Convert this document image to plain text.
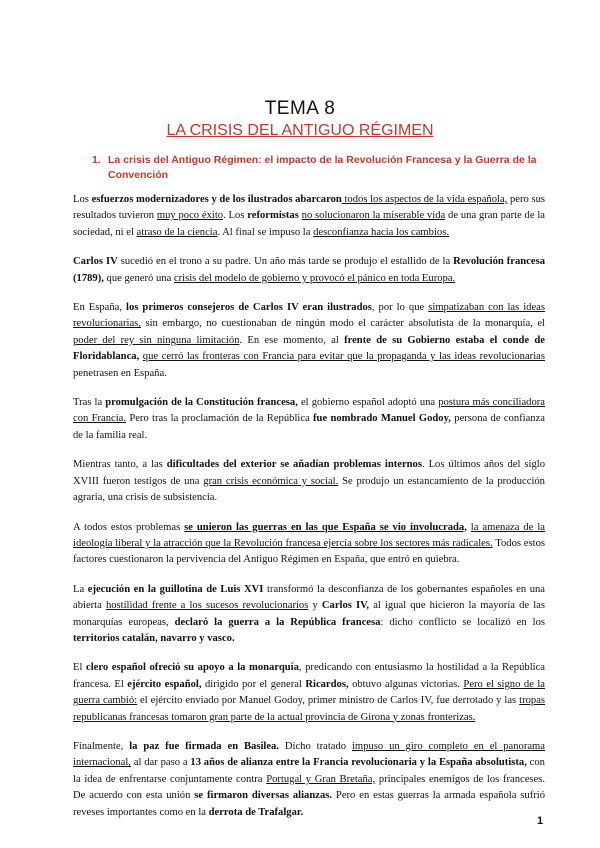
TEMA 8
LA CRISIS DEL ANTIGUO RÉGIMEN
1. La crisis del Antiguo Régimen: el impacto de la Revolución Francesa y la Guerra de la Convención

Los esfuerzos modernizadores y de los ilustrados abarcaron todos los aspectos de la vida española, pero sus resultados tuvieron muy poco éxito. Los reformistas no solucionaron la miserable vida de una gran parte de la sociedad, ni el atraso de la ciencia. Al final se impuso la desconfianza hacia los cambios.

Carlos IV sucedió en el trono a su padre. Un año más tarde se produjo el estallido de la Revolución francesa (1789), que generó una crisis del modelo de gobierno y provocó el pánico en toda Europa.

En España, los primeros consejeros de Carlos IV eran ilustrados, por lo que simpatizaban con las ideas revolucionarias, sin embargo, no cuestionaban de ningún modo el carácter absolutista de la monarquía, el poder del rey sin ninguna limitación. En ese momento, al frente de su Gobierno estaba el conde de Floridablanca, que cerró las fronteras con Francia para evitar que la propaganda y las ideas revolucionarias penetrasen en España.

Tras la promulgación de la Constitución francesa, el gobierno español adoptó una postura más conciliadora con Francia. Pero tras la proclamación de la República fue nombrado Manuel Godoy, persona de confianza de la familia real.

Mientras tanto, a las dificultades del exterior se añadían problemas internos. Los últimos años del siglo XVIII fueron testigos de una gran crisis económica y social. Se produjo un estancamiento de la producción agraria, una crisis de subsistencia.

A todos estos problemas se unieron las guerras en las que España se vio involucrada, la amenaza de la ideología liberal y la atracción que la Revolución francesa ejercía sobre los sectores más radicales. Todos estos factores cuestionaron la pervivencia del Antiguo Régimen en España, que entró en quiebra.

La ejecución en la guillotina de Luis XVI transformó la desconfianza de los gobernantes españoles en una abierta hostilidad frente a los sucesos revolucionarios y Carlos IV, al igual que hicieron la mayoría de las monarquías europeas, declaró la guerra a la República francesa: dicho conflicto se localizó en los territorios catalán, navarro y vasco.

El clero español ofreció su apoyo a la monarquía, predicando con entusiasmo la hostilidad a la República francesa. El ejército español, dirigido por el general Ricardos, obtuvo algunas victorias. Pero el signo de la guerra cambió: el ejército enviado por Manuel Godoy, primer ministro de Carlos IV, fue derrotado y las tropas republicanas francesas tomaron gran parte de la actual provincia de Girona y zonas fronterizas.

Finalmente, la paz fue firmada en Basilea. Dicho tratado impuso un giro completo en el panorama internacional, al dar paso a 13 años de alianza entre la Francia revolucionaria y la España absolutista, con la idea de enfrentarse conjuntamente contra Portugal y Gran Bretaña, principales enemigos de los franceses. De acuerdo con esta unión se firmaron diversas alianzas. Pero en estas guerras la armada española sufrió reveses importantes como en la derrota de Trafalgar.

1
